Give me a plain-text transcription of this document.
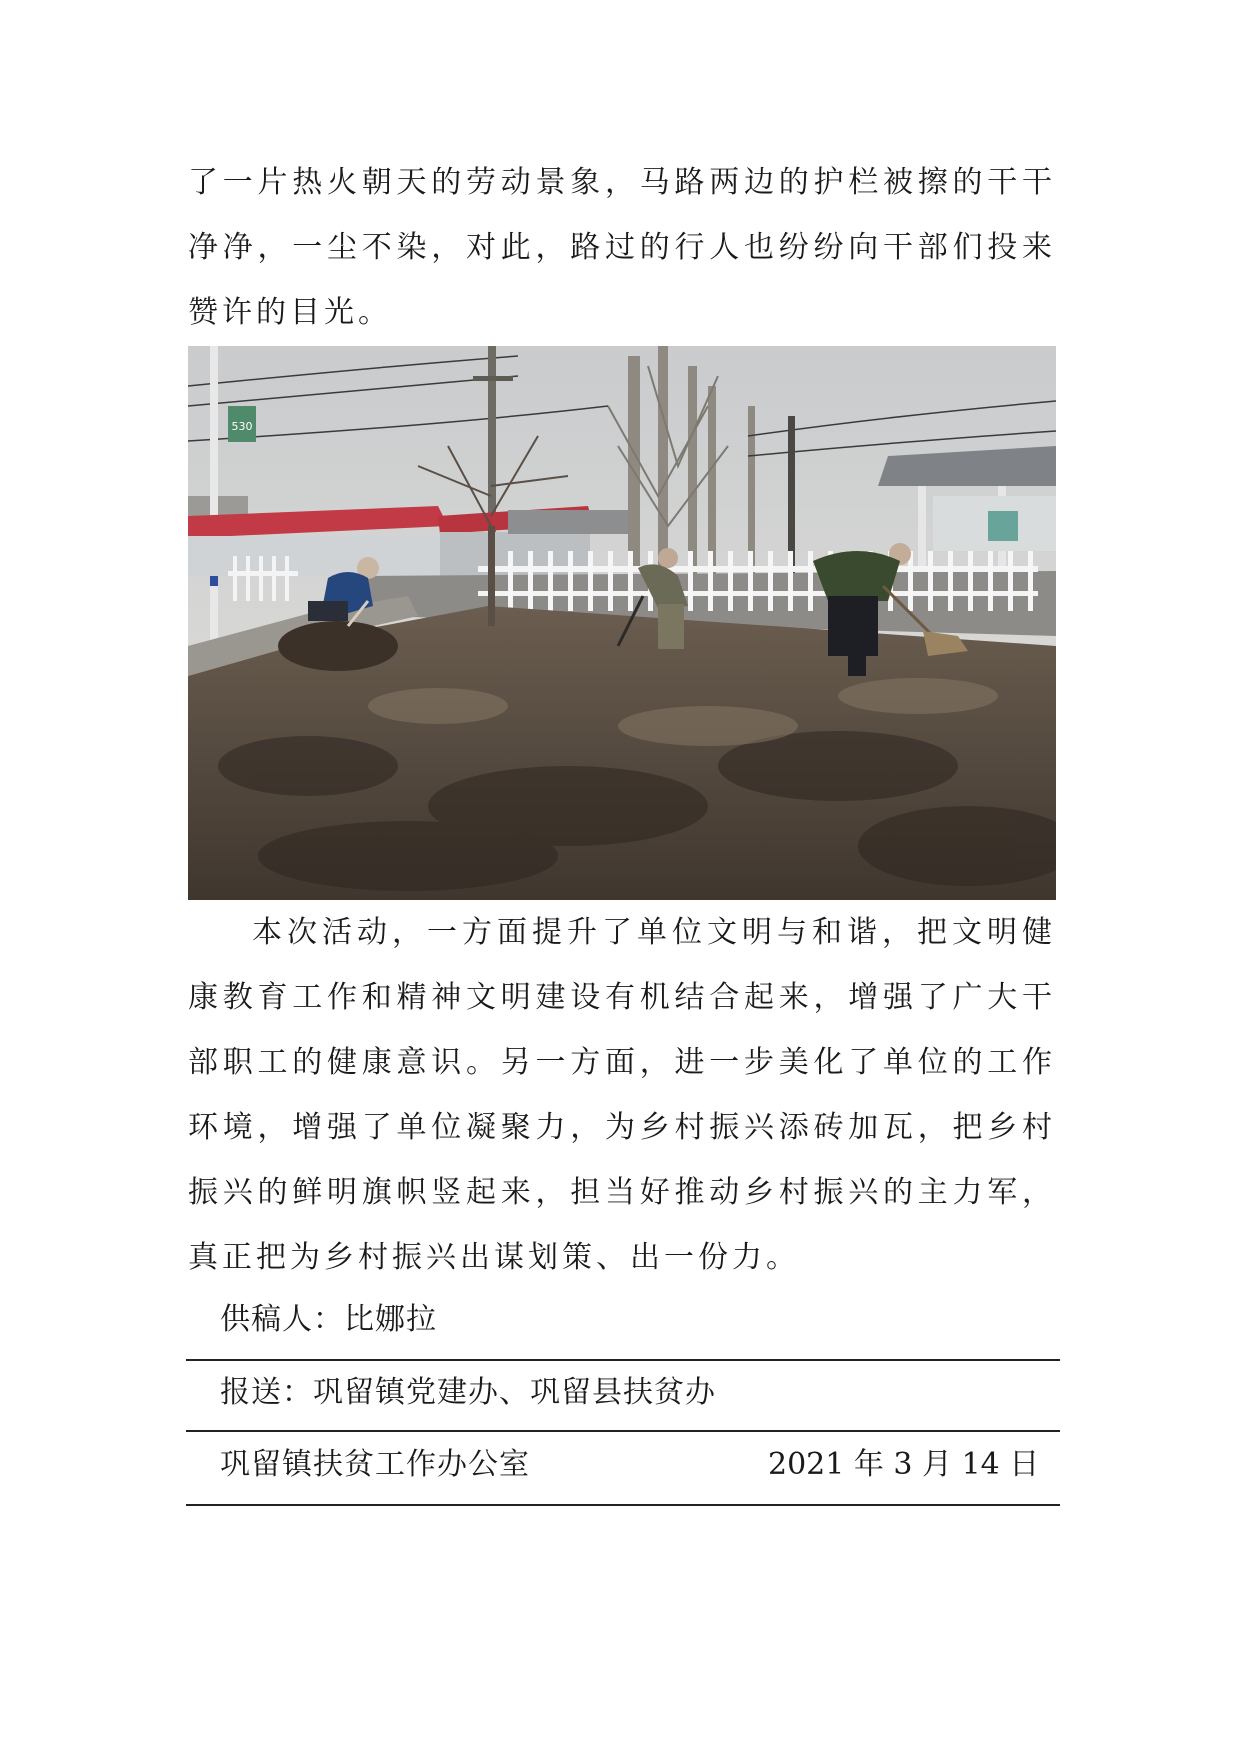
了一片热火朝天的劳动景象，马路两边的护栏被擦的干干净净，一尘不染，对此，路过的行人也纷纷向干部们投来赞许的目光。

530

本次活动，一方面提升了单位文明与和谐，把文明健康教育工作和精神文明建设有机结合起来，增强了广大干部职工的健康意识。另一方面，进一步美化了单位的工作环境，增强了单位凝聚力，为乡村振兴添砖加瓦，把乡村振兴的鲜明旗帜竖起来，担当好推动乡村振兴的主力军，真正把为乡村振兴出谋划策、出一份力。

供稿人：比娜拉
报送：巩留镇党建办、巩留县扶贫办
巩留镇扶贫工作办公室	2021 年 3 月 14 日
